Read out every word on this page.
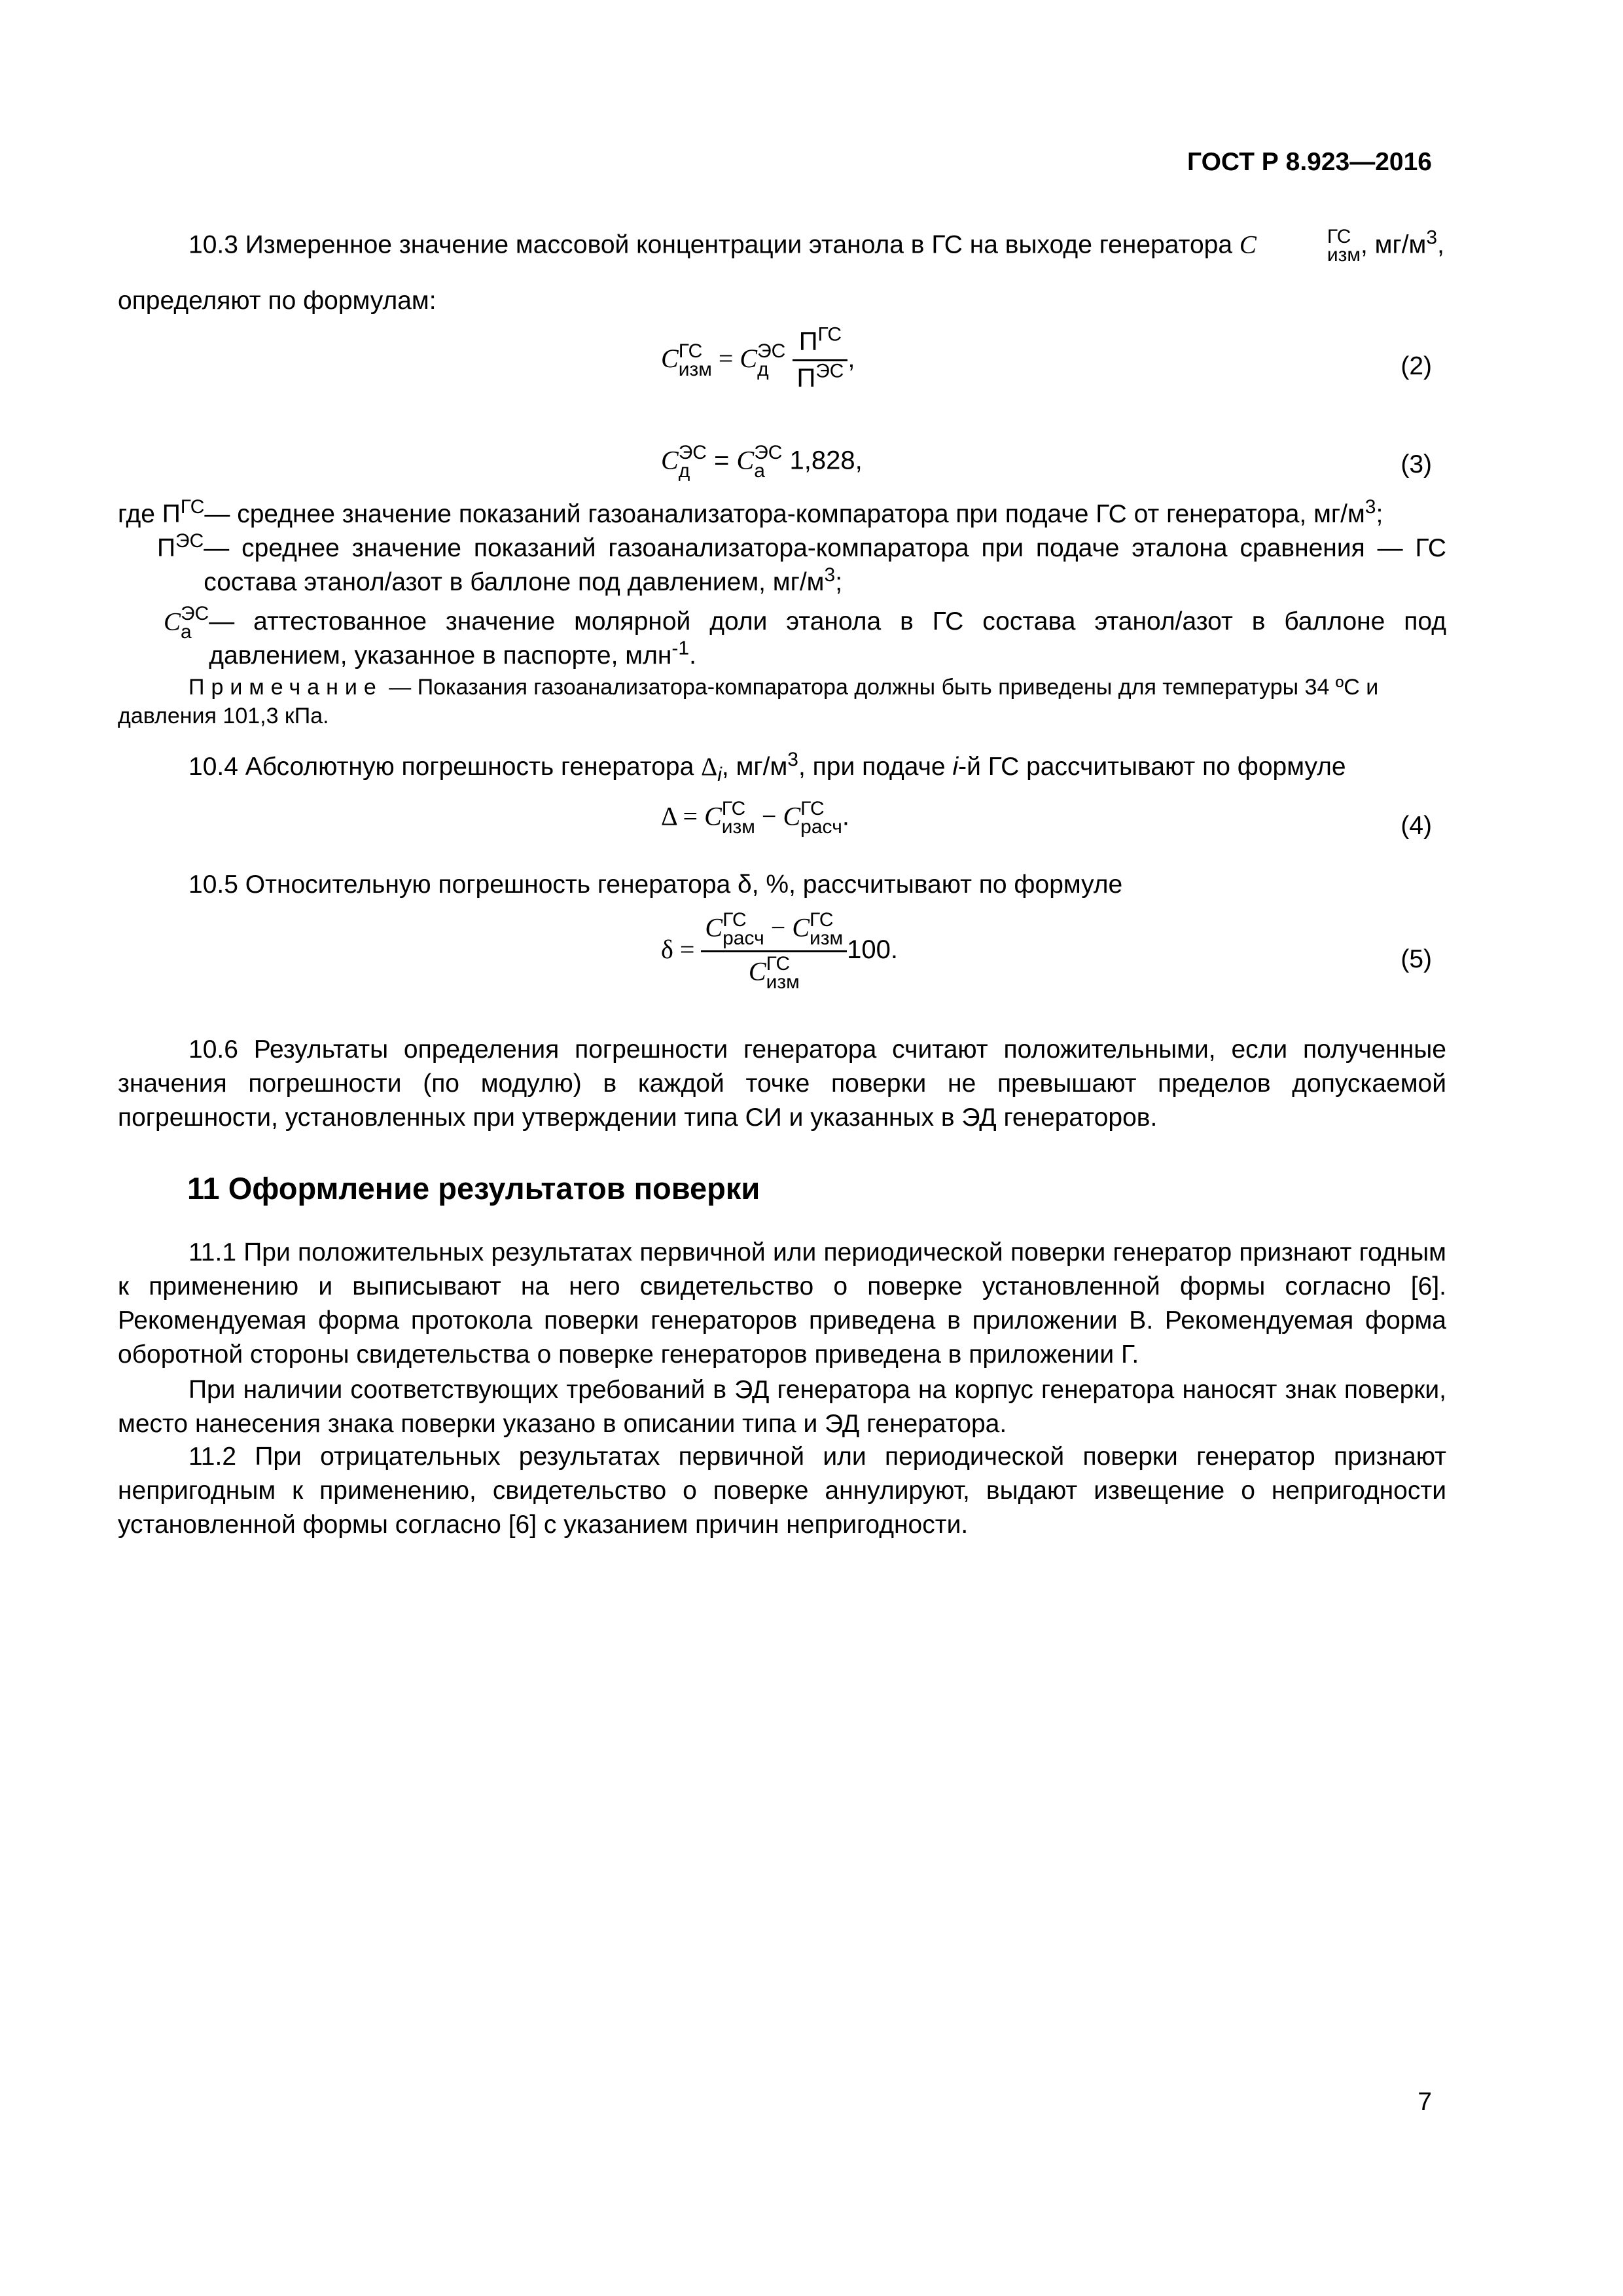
ГОСТ Р 8.923—2016
10.3 Измеренное значение массовой концентрации этанола в ГС на выходе генератора C	ГС
изм , $мг/м^3$,
определяют по формулам:
C ГС
изм = C ЭС
д
$\frac{П^{ГС}}{П^{ЭС}}$ ,	(2)
C ЭС
д = C ЭС
а 1,828,	(3)
где $П^{ГС}$ — среднее значение показаний газоанализатора-компаратора при подаче ГС от генератора, $мг/м^3$;
$П^{ЭС}$ — среднее значение показаний газоанализатора-компаратора при подаче эталона сравнения — ГС состава этанол/азот в баллоне под давлением, $мг/м^3$;
C ЭС
а — аттестованное значение молярной доли этанола в ГС состава этанол/азот в баллоне под давлением, указанное в паспорте, млн$^{-1}$.
Примечание — Показания газоанализатора-компаратора должны быть приведены для температуры 34 ºС и давления 101,3 кПа.
10.4 Абсолютную погрешность генератора $\Delta_i$, $мг/м^3$, при подаче i-й ГС рассчитывают по формуле
Δ = C ГС
изм − C ГС
расч .	(4)
10.5 Относительную погрешность генератора δ, %, рассчитывают по формуле
δ = C ГС
расч − C ГС
изм
C ГС
изм 100.	(5)
10.6 Результаты определения погрешности генератора считают положительными, если полученные значения погрешности (по модулю) в каждой точке поверки не превышают пределов допускаемой погрешности, установленных при утверждении типа СИ и указанных в ЭД генераторов.
11 Оформление результатов поверки
11.1 При положительных результатах первичной или периодической поверки генератор признают годным к применению и выписывают на него свидетельство о поверке установленной формы согласно [6]. Рекомендуемая форма протокола поверки генераторов приведена в приложении В. Рекомендуемая форма оборотной стороны свидетельства о поверке генераторов приведена в приложении Г.
При наличии соответствующих требований в ЭД генератора на корпус генератора наносят знак поверки, место нанесения знака поверки указано в описании типа и ЭД генератора.
11.2 При отрицательных результатах первичной или периодической поверки генератор признают непригодным к применению, свидетельство о поверке аннулируют, выдают извещение о непригодности установленной формы согласно [6] с указанием причин непригодности.
7
